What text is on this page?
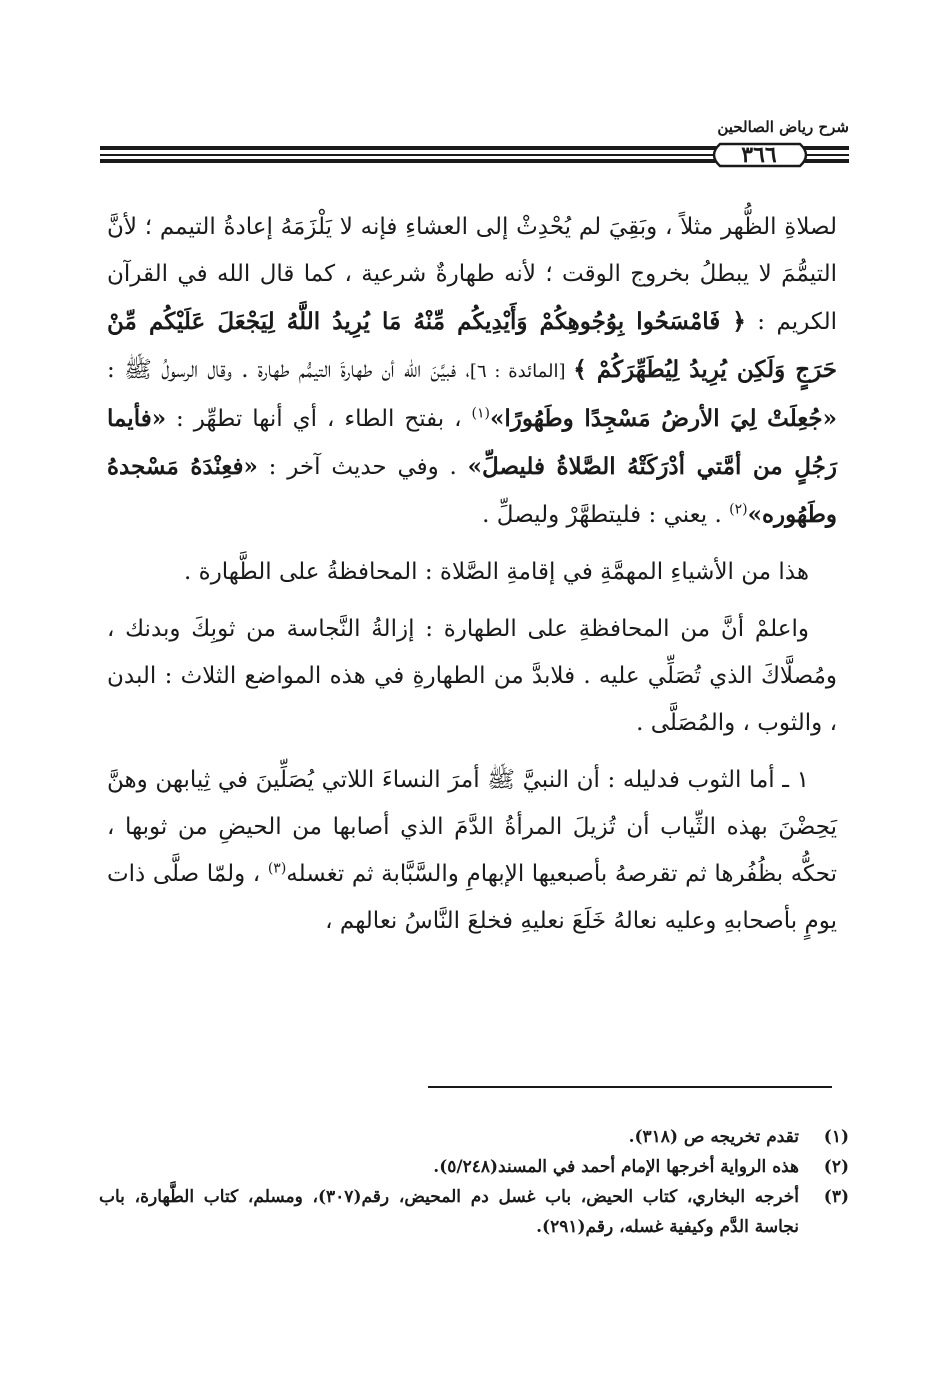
شرح رياض الصالحين
٣٦٦

لصلاةِ الظُّهر مثلاً ، وبَقِيَ لم يُحْدِثْ إلى العشاءِ فإنه لا يَلْزَمَهُ إعادةُ التيمم ؛ لأنَّ التيمُّمَ لا يبطلُ بخروج الوقت ؛ لأنه طهارةٌ شرعية ، كما قال الله في القرآن الكريم : ﴿ فَامْسَحُوا بِوُجُوهِكُمْ وَأَيْدِيكُم مِّنْهُ مَا يُرِيدُ اللَّهُ لِيَجْعَلَ عَلَيْكُم مِّنْ حَرَجٍ وَلَكِن يُرِيدُ لِيُطَهِّرَكُمْ ﴾ [المائدة : ٦]، فبيَّنَ الله أن طهارةَ التيمُّم طهارة . وقال الرسولُ ﷺ : «جُعِلَتْ لِيَ الأرضُ مَسْجِدًا وطَهُورًا»$^{(١)}$ ، بفتح الطاء ، أي أنها تطهِّر : «فأيما رَجُلٍ من أمَّتي أدْرَكَتْهُ الصَّلاةُ فليصلِّ» . وفي حديث آخر : «فعِنْدَهُ مَسْجدهُ وطَهُوره»$^{(٢)}$ . يعني : فليتطهَّرْ وليصلِّ .

هذا من الأشياءِ المهمَّةِ في إقامةِ الصَّلاة : المحافظةُ على الطَّهارة .

واعلمْ أنَّ من المحافظةِ على الطهارة : إزالةُ النَّجاسة من ثوبِكَ وبدنك ، ومُصلَّاكَ الذي تُصَلِّي عليه . فلابدَّ من الطهارةِ في هذه المواضع الثلاث : البدن ، والثوب ، والمُصَلَّى .

١ ـ أما الثوب فدليله : أن النبيَّ ﷺ أمرَ النساءَ اللاتي يُصَلِّينَ في ثِيابهن وهنَّ يَحِضْنَ بهذه الثِّياب أن تُزيلَ المرأةُ الدَّمَ الذي أصابها من الحيضِ من ثوبها ، تحكُّه بظُفُرها ثم تقرصهُ بأصبعيها الإبهامِ والسَّبَّابة ثم تغسله$^{(٣)}$ ، ولمّا صلَّى ذات يومٍ بأصحابهِ وعليه نعالهُ خَلَعَ نعليهِ فخلعَ النَّاسُ نعالهم ،

(١)
تقدم تخريجه ص (٣١٨).
(٢)
هذه الرواية أخرجها الإمام أحمد في المسند(٥/٢٤٨).
(٣)
أخرجه البخاري، كتاب الحيض، باب غسل دم المحيض، رقم(٣٠٧)، ومسلم، كتاب الطَّهارة، باب نجاسة الدَّم وكيفية غسله، رقم(٢٩١).
